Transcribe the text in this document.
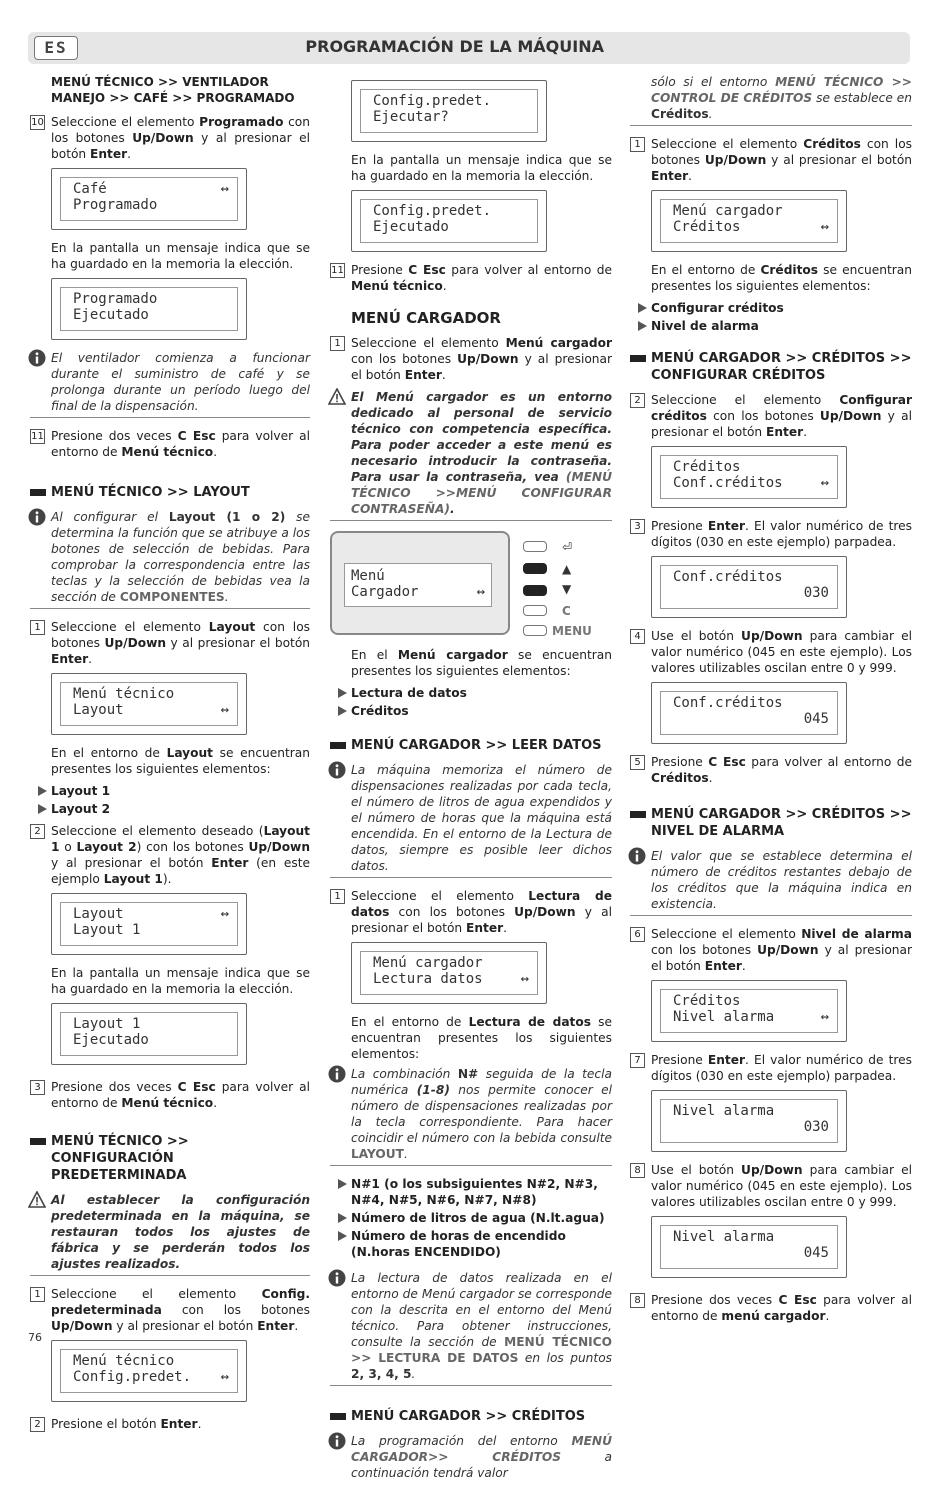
ES	PROGRAMACIÓN DE LA MÁQUINA
MENÚ TÉCNICO >> VENTILADOR MANEJO >> CAFÉ >> PROGRAMADO
10 Seleccione el elemento Programado con los botones Up/Down y al presionar el botón Enter.
Café	↔
Programado

En la pantalla un mensaje indica que se ha guardado en la memoria la elección.

Programado
Ejecutado
El ventilador comienza a funcionar durante el suministro de café y se prolonga durante un período luego del final de la dispensación.
11 Presione dos veces C Esc para volver al entorno de Menú técnico.
MENÚ TÉCNICO >> LAYOUT
Al configurar el Layout (1 o 2) se determina la función que se atribuye a los botones de selección de bebidas. Para comprobar la correspondencia entre las teclas y la selección de bebidas vea la sección de COMPONENTES.
1 Seleccione el elemento Layout con los botones Up/Down y al presionar el botón Enter.
Menú técnico
Layout	↔

En el entorno de Layout se encuentran presentes los siguientes elementos:

Layout 1
Layout 2
2 Seleccione el elemento deseado (Layout 1 o Layout 2) con los botones Up/Down y al presionar el botón Enter (en este ejemplo Layout 1).
Layout	↔
Layout 1

En la pantalla un mensaje indica que se ha guardado en la memoria la elección.

Layout 1
Ejecutado
3 Presione dos veces C Esc para volver al entorno de Menú técnico.
MENÚ TÉCNICO >> CONFIGURACIÓN PREDETERMINADA
Al establecer la configuración predeterminada en la máquina, se restauran todos los ajustes de fábrica y se perderán todos los ajustes realizados.
1 Seleccione el elemento Config. predeterminada con los botones Up/Down y al presionar el botón Enter.
Menú técnico
Config.predet. ↔
2 Presione el botón Enter.
Config.predet.
Ejecutar?

En la pantalla un mensaje indica que se ha guardado en la memoria la elección.

Config.predet.
Ejecutado
11 Presione C Esc para volver al entorno de Menú técnico.
MENÚ CARGADOR
1 Seleccione el elemento Menú cargador con los botones Up/Down y al presionar el botón Enter.
El Menú cargador es un entorno dedicado al personal de servicio técnico con competencia específica. Para poder acceder a este menú es necesario introducir la contraseña. Para usar la contraseña, vea (MENÚ TÉCNICO >>MENÚ CONFIGURAR CONTRASEÑA).
Menú
Cargador	↔
⏎
▲
▼
C
MENU

En el Menú cargador se encuentran presentes los siguientes elementos:

Lectura de datos
Créditos
MENÚ CARGADOR >> LEER DATOS
La máquina memoriza el número de dispensaciones realizadas por cada tecla, el número de litros de agua expendidos y el número de horas que la máquina está encendida. En el entorno de la Lectura de datos, siempre es posible leer dichos datos.
1 Seleccione el elemento Lectura de datos con los botones Up/Down y al presionar el botón Enter.
Menú cargador
Lectura datos	↔

En el entorno de Lectura de datos se encuentran presentes los siguientes elementos:

La combinación N# seguida de la tecla numérica (1-8) nos permite conocer el número de dispensaciones realizadas por la tecla correspondiente. Para hacer coincidir el número con la bebida consulte LAYOUT.
N#1 (o los subsiguientes N#2, N#3, N#4, N#5, N#6, N#7, N#8)
Número de litros de agua (N.lt.agua)
Número de horas de encendido (N.horas ENCENDIDO)
La lectura de datos realizada en el entorno de Menú cargador se corresponde con la descrita en el entorno del Menú técnico. Para obtener instrucciones, consulte la sección de MENÚ TÉCNICO >> LECTURA DE DATOS en los puntos 2, 3, 4, 5.
MENÚ CARGADOR >> CRÉDITOS
La programación del entorno MENÚ CARGADOR>> CRÉDITOS a continuación tendrá valor
sólo si el entorno MENÚ TÉCNICO >> CONTROL DE CRÉDITOS se establece en Créditos.
1 Seleccione el elemento Créditos con los botones Up/Down y al presionar el botón Enter.
Menú cargador
Créditos	↔

En el entorno de Créditos se encuentran presentes los siguientes elementos:

Configurar créditos
Nivel de alarma
MENÚ CARGADOR >> CRÉDITOS >> CONFIGURAR CRÉDITOS
2 Seleccione el elemento Configurar créditos con los botones Up/Down y al presionar el botón Enter.
Créditos
Conf.créditos	↔
3 Presione Enter. El valor numérico de tres dígitos (030 en este ejemplo) parpadea.
Conf.créditos
030
4 Use el botón Up/Down para cambiar el valor numérico (045 en este ejemplo). Los valores utilizables oscilan entre 0 y 999.
Conf.créditos
045
5 Presione C Esc para volver al entorno de Créditos.
MENÚ CARGADOR >> CRÉDITOS >> NIVEL DE ALARMA
El valor que se establece determina el número de créditos restantes debajo de los créditos que la máquina indica en existencia.
6 Seleccione el elemento Nivel de alarma con los botones Up/Down y al presionar el botón Enter.
Créditos
Nivel alarma	↔
7 Presione Enter. El valor numérico de tres dígitos (030 en este ejemplo) parpadea.
Nivel alarma
030
8 Use el botón Up/Down para cambiar el valor numérico (045 en este ejemplo). Los valores utilizables oscilan entre 0 y 999.
Nivel alarma
045
8 Presione dos veces C Esc para volver al entorno de menú cargador.
76
